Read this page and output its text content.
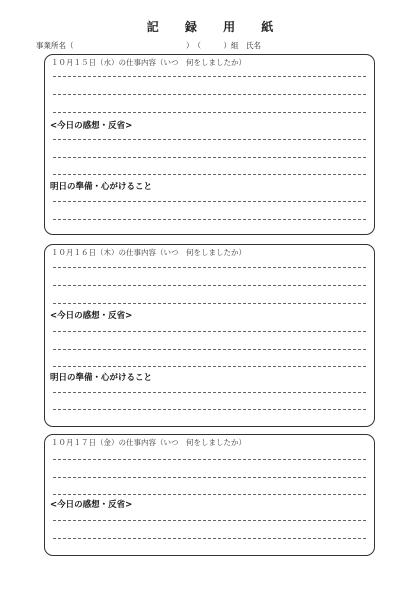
記 録 用 紙
事業所名（　　　　　　　　　　　　　　　）　（　　　）組　氏名
１０月１５日（水）の仕事内容（いつ　何をしましたか）
<今日の感想・反省>
明日の準備・心がけること
１０月１６日（木）の仕事内容（いつ　何をしましたか）
<今日の感想・反省>
明日の準備・心がけること
１０月１７日（金）の仕事内容（いつ　何をしましたか）
<今日の感想・反省>
